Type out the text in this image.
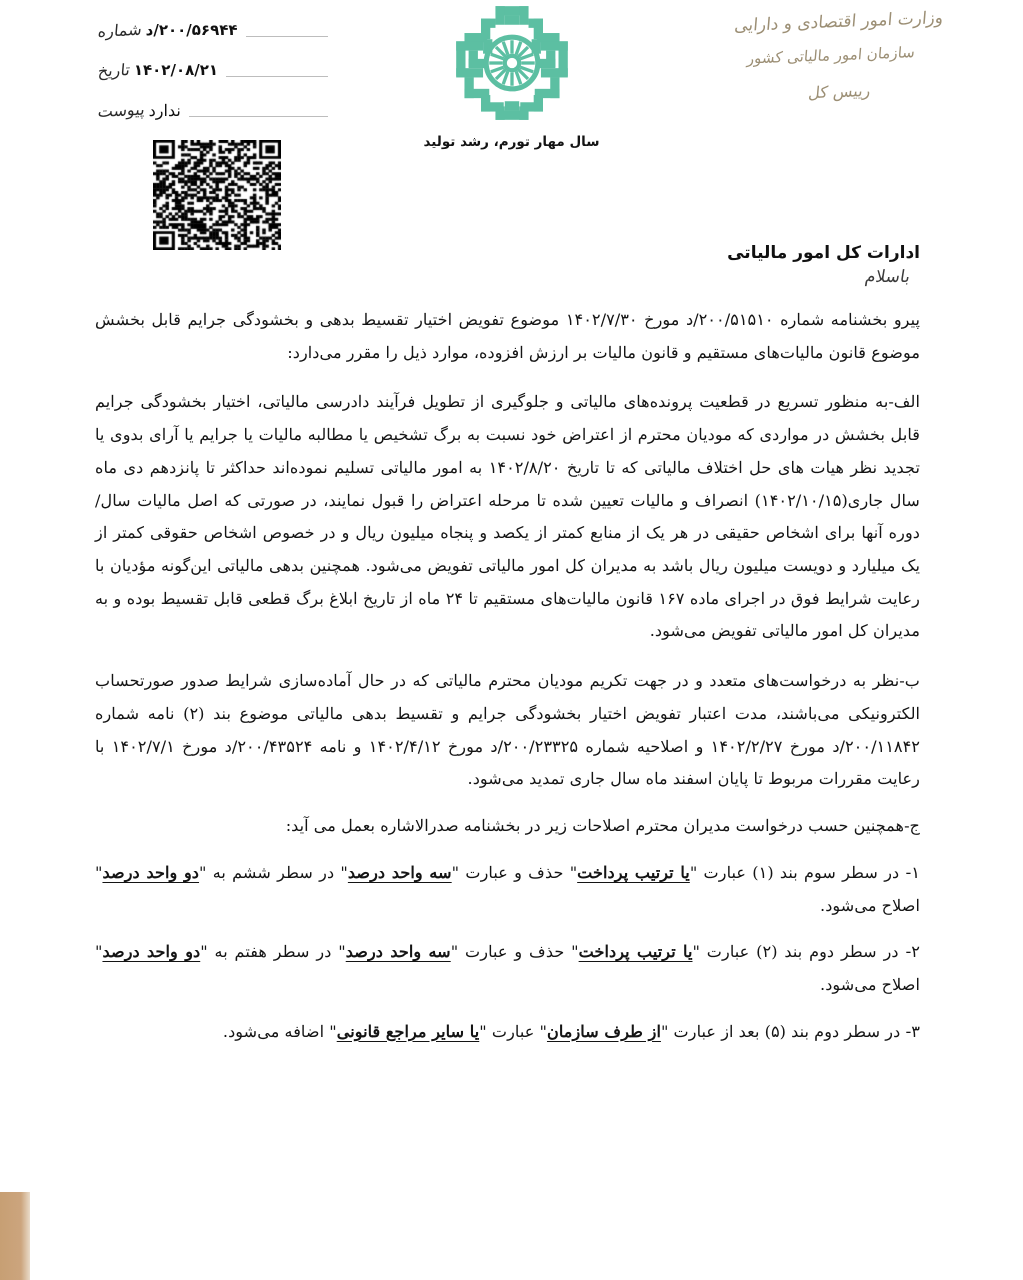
وزارت امور اقتصادی و دارایی
سازمان امور مالیاتی کشور
رییس کل
سال مهار تورم، رشد تولید
شماره ۲۰۰/۵۶۹۴۴/د
تاریخ ۱۴۰۲/۰۸/۲۱
پیوست ندارد
ادارات کل امور مالیاتی
باسلام

پیرو بخشنامه شماره ۲۰۰/۵۱۵۱۰/د مورخ ۱۴۰۲/۷/۳۰ موضوع تفویض اختیار تقسیط بدهی و بخشودگی جرایم قابل بخشش موضوع قانون مالیات‌های مستقیم و قانون مالیات بر ارزش افزوده، موارد ذیل را مقرر می‌دارد:

الف-به منظور تسریع در قطعیت پرونده‌های مالیاتی و جلوگیری از تطویل فرآیند دادرسی مالیاتی، اختیار بخشودگی جرایم قابل بخشش در مواردی که مودیان محترم از اعتراض خود نسبت به برگ تشخیص یا مطالبه مالیات یا جرایم یا آرای بدوی یا تجدید نظر هیات های حل اختلاف مالیاتی که تا تاریخ ۱۴۰۲/۸/۲۰ به امور مالیاتی تسلیم نموده‌اند حداکثر تا پانزدهم دی ماه سال جاری(۱۴۰۲/۱۰/۱۵) انصراف و مالیات تعیین شده تا مرحله اعتراض را قبول نمایند، در صورتی که اصل مالیات سال/دوره آنها برای اشخاص حقیقی در هر یک از منابع کمتر از یکصد و پنجاه میلیون ریال و در خصوص اشخاص حقوقی کمتر از یک میلیارد و دویست میلیون ریال باشد به مدیران کل امور مالیاتی تفویض می‌شود. همچنین بدهی مالیاتی این‌گونه مؤدیان با رعایت شرایط فوق در اجرای ماده ۱۶۷ قانون مالیات‌های مستقیم تا ۲۴ ماه از تاریخ ابلاغ برگ قطعی قابل تقسیط بوده و به مدیران کل امور مالیاتی تفویض می‌شود.

ب-نظر به درخواست‌های متعدد و در جهت تکریم مودیان محترم مالیاتی که در حال آماده‌سازی شرایط صدور صورتحساب الکترونیکی می‌باشند، مدت اعتبار تفویض اختیار بخشودگی جرایم و تقسیط بدهی مالیاتی موضوع بند (۲) نامه شماره ۲۰۰/۱۱۸۴۲/د مورخ ۱۴۰۲/۲/۲۷ و اصلاحیه شماره ۲۰۰/۲۳۳۲۵/د مورخ ۱۴۰۲/۴/۱۲ و نامه ۲۰۰/۴۳۵۲۴/د مورخ ۱۴۰۲/۷/۱ با رعایت مقررات مربوط تا پایان اسفند ماه سال جاری تمدید می‌شود.

ج-همچنین حسب درخواست مدیران محترم اصلاحات زیر در بخشنامه صدرالاشاره بعمل می آید:

۱- در سطر سوم بند (۱) عبارت "یا ترتیب پرداخت" حذف و عبارت "سه واحد درصد" در سطر ششم به "دو واحد درصد" اصلاح می‌شود.

۲- در سطر دوم بند (۲) عبارت "یا ترتیب پرداخت" حذف و عبارت "سه واحد درصد" در سطر هفتم به "دو واحد درصد" اصلاح می‌شود.

۳- در سطر دوم بند (۵) بعد از عبارت "از طرف سازمان" عبارت "یا سایر مراجع قانونی" اضافه می‌شود.
